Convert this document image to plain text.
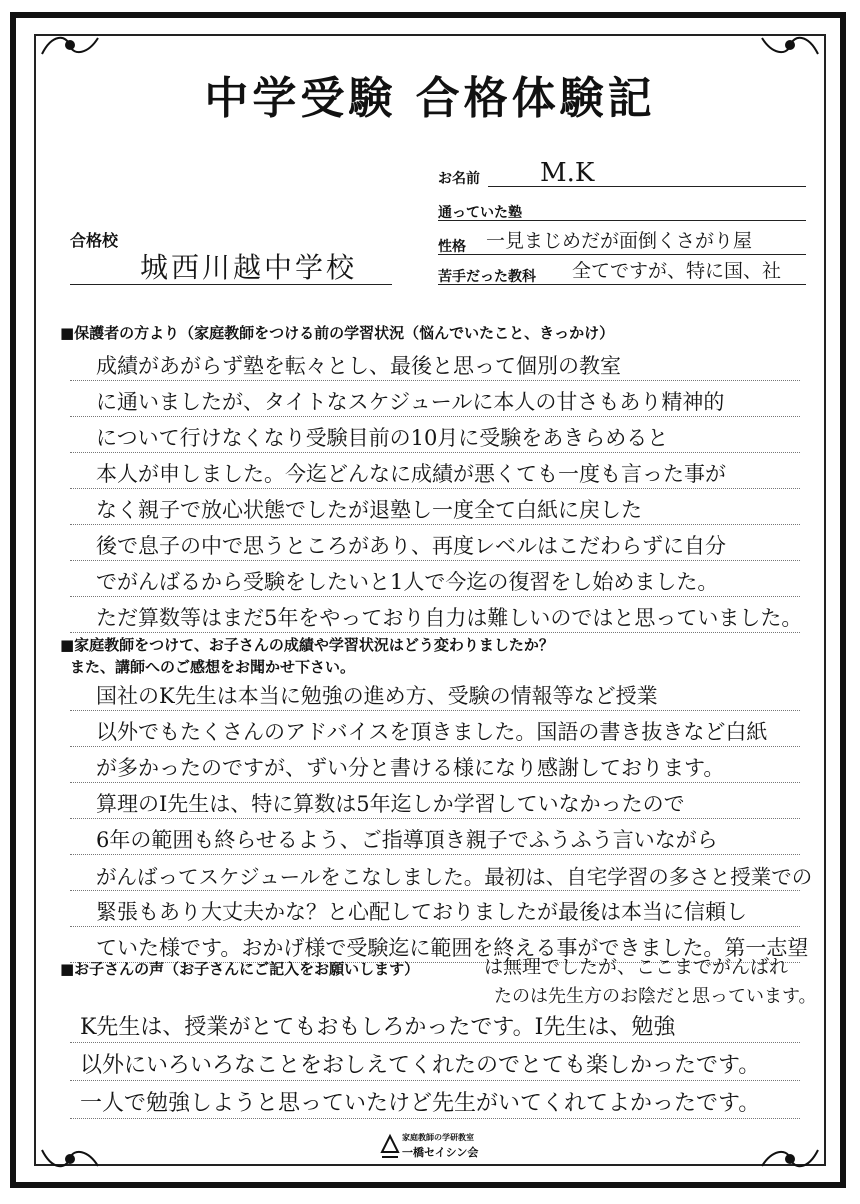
中学受験 合格体験記
お名前 M.K
通っていた塾
性格 一見まじめだが面倒くさがり屋
苦手だった教科 全てですが、特に国、社
合格校
城西川越中学校
■保護者の方より（家庭教師をつける前の学習状況（悩んでいたこと、きっかけ）
成績があがらず塾を転々とし、最後と思って個別の教室
に通いましたが、タイトなスケジュールに本人の甘さもあり精神的
について行けなくなり受験目前の10月に受験をあきらめると
本人が申しました。今迄どんなに成績が悪くても一度も言った事が
なく親子で放心状態でしたが退塾し一度全て白紙に戻した
後で息子の中で思うところがあり、再度レベルはこだわらずに自分
でがんばるから受験をしたいと1人で今迄の復習をし始めました。
ただ算数等はまだ5年をやっており自力は難しいのではと思っていました。
■家庭教師をつけて、お子さんの成績や学習状況はどう変わりましたか？
また、講師へのご感想をお聞かせ下さい。
国社のK先生は本当に勉強の進め方、受験の情報等など授業
以外でもたくさんのアドバイスを頂きました。国語の書き抜きなど白紙
が多かったのですが、ずい分と書ける様になり感謝しております。
算理のI先生は、特に算数は5年迄しか学習していなかったので
6年の範囲も終らせるよう、ご指導頂き親子でふうふう言いながら
がんばってスケジュールをこなしました。最初は、自宅学習の多さと授業での
緊張もあり大丈夫かな？と心配しておりましたが最後は本当に信頼し
ていた様です。おかげ様で受験迄に範囲を終える事ができました。第一志望
■お子さんの声（お子さんにご記入をお願いします）	は無理でしたが、ここまでがんばれ
たのは先生方のお陰だと思っています。
K先生は、授業がとてもおもしろかったです。I先生は、勉強
以外にいろいろなことをおしえてくれたのでとても楽しかったです。
一人で勉強しようと思っていたけど先生がいてくれてよかったです。
家庭教師の学研教室
一橋セイシン会
